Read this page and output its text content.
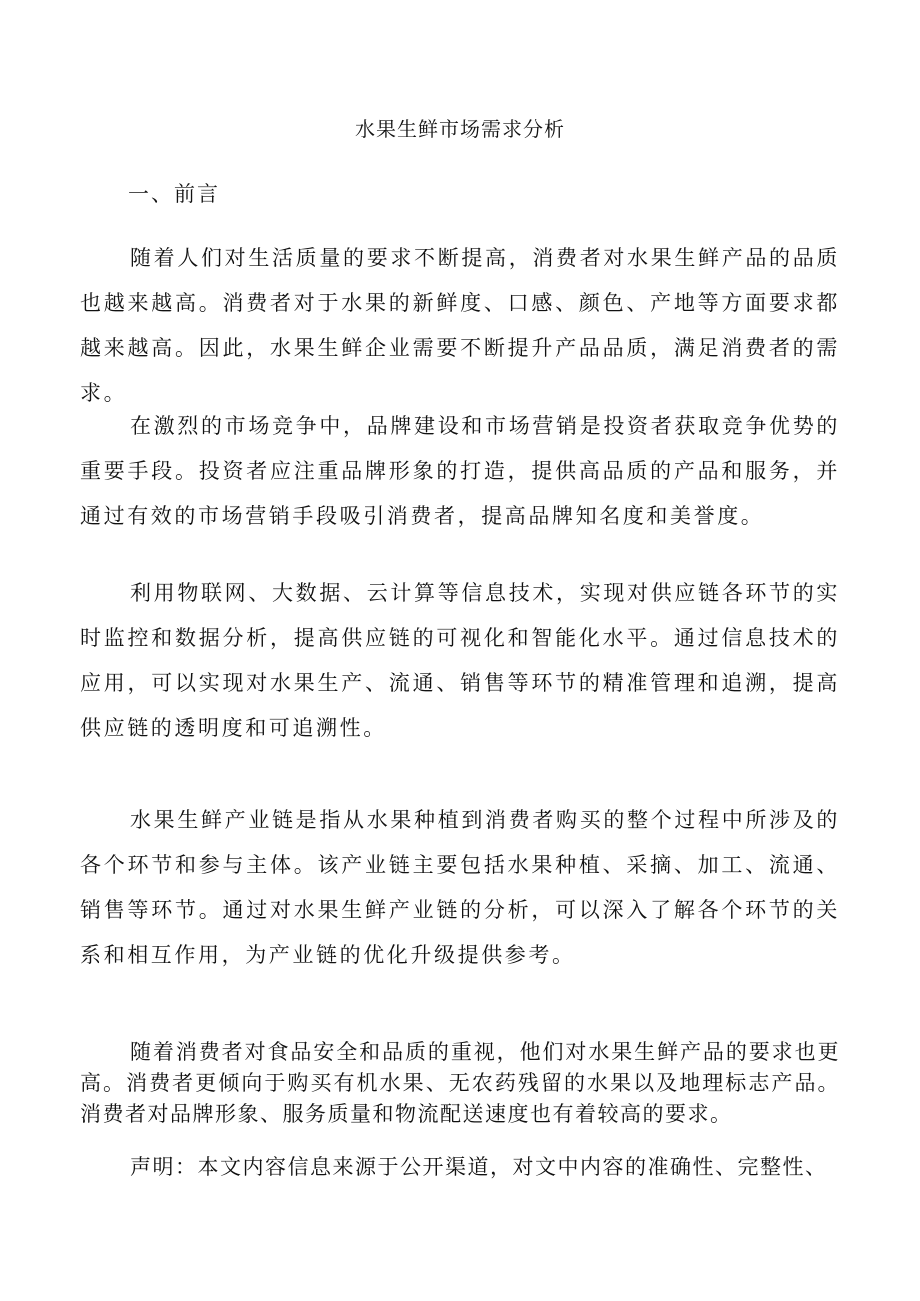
水果生鲜市场需求分析
一、前言

随着人们对生活质量的要求不断提高，消费者对水果生鲜产品的品质也越来越高。消费者对于水果的新鲜度、口感、颜色、产地等方面要求都越来越高。因此，水果生鲜企业需要不断提升产品品质，满足消费者的需求。

在激烈的市场竞争中，品牌建设和市场营销是投资者获取竞争优势的重要手段。投资者应注重品牌形象的打造，提供高品质的产品和服务，并通过有效的市场营销手段吸引消费者，提高品牌知名度和美誉度。

利用物联网、大数据、云计算等信息技术，实现对供应链各环节的实时监控和数据分析，提高供应链的可视化和智能化水平。通过信息技术的应用，可以实现对水果生产、流通、销售等环节的精准管理和追溯，提高供应链的透明度和可追溯性。

水果生鲜产业链是指从水果种植到消费者购买的整个过程中所涉及的各个环节和参与主体。该产业链主要包括水果种植、采摘、加工、流通、销售等环节。通过对水果生鲜产业链的分析，可以深入了解各个环节的关系和相互作用，为产业链的优化升级提供参考。

随着消费者对食品安全和品质的重视，他们对水果生鲜产品的要求也更高。消费者更倾向于购买有机水果、无农药残留的水果以及地理标志产品。消费者对品牌形象、服务质量和物流配送速度也有着较高的要求。

声明：本文内容信息来源于公开渠道，对文中内容的准确性、完整性、
